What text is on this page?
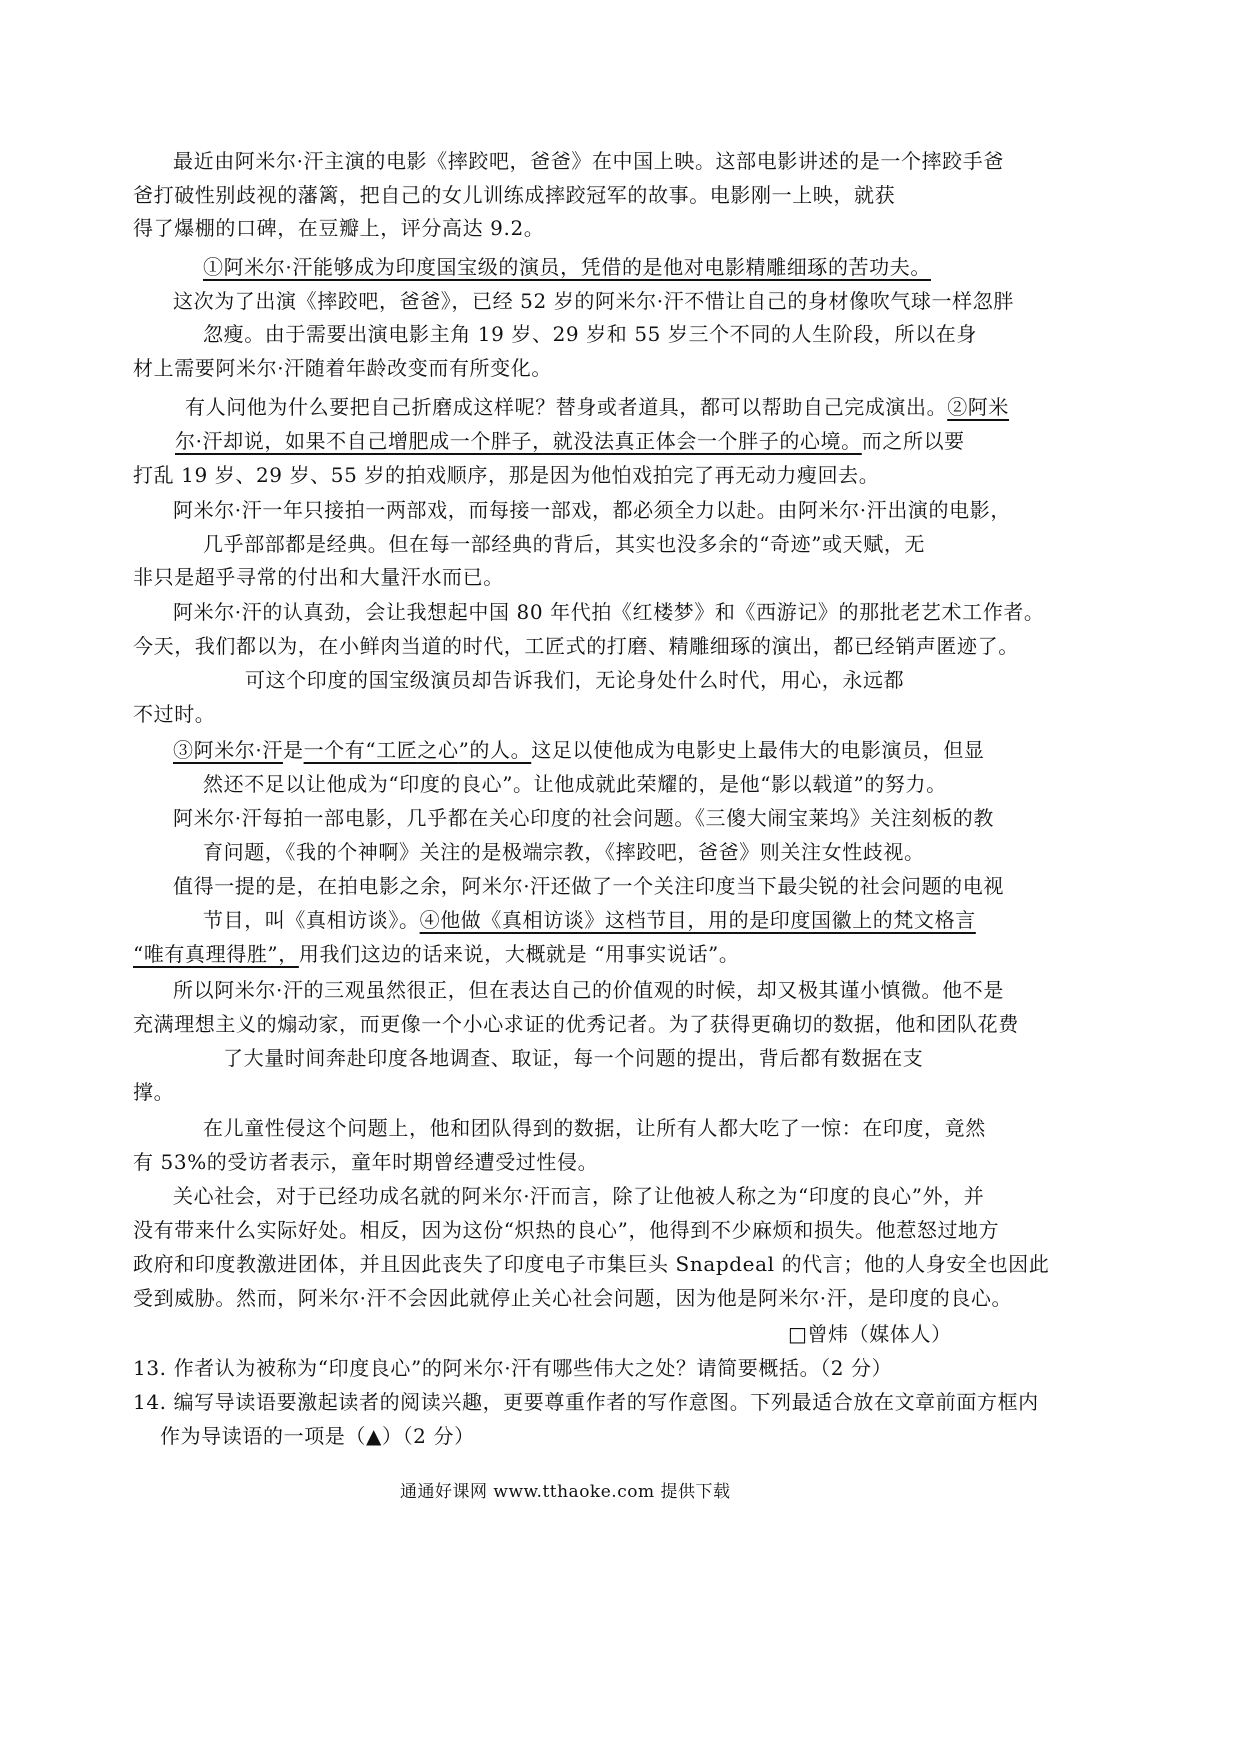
最近由阿米尔·汗主演的电影《摔跤吧，爸爸》在中国上映。这部电影讲述的是一个摔跤手爸
爸打破性别歧视的藩篱，把自己的女儿训练成摔跤冠军的故事。电影刚一上映，就获
得了爆棚的口碑，在豆瓣上，评分高达 9.2。
①阿米尔·汗能够成为印度国宝级的演员，凭借的是他对电影精雕细琢的苦功夫。
这次为了出演《摔跤吧，爸爸》，已经 52 岁的阿米尔·汗不惜让自己的身材像吹气球一样忽胖
忽瘦。由于需要出演电影主角 19 岁、29 岁和 55 岁三个不同的人生阶段，所以在身
材上需要阿米尔·汗随着年龄改变而有所变化。
有人问他为什么要把自己折磨成这样呢？替身或者道具，都可以帮助自己完成演出。②阿米
尔·汗却说，如果不自己增肥成一个胖子，就没法真正体会一个胖子的心境。而之所以要
打乱 19 岁、29 岁、55 岁的拍戏顺序，那是因为他怕戏拍完了再无动力瘦回去。
阿米尔·汗一年只接拍一两部戏，而每接一部戏，都必须全力以赴。由阿米尔·汗出演的电影，
几乎部部都是经典。但在每一部经典的背后，其实也没多余的“奇迹”或天赋，无
非只是超乎寻常的付出和大量汗水而已。
阿米尔·汗的认真劲，会让我想起中国 80 年代拍《红楼梦》和《西游记》的那批老艺术工作者。
今天，我们都以为，在小鲜肉当道的时代，工匠式的打磨、精雕细琢的演出，都已经销声匿迹了。
可这个印度的国宝级演员却告诉我们，无论身处什么时代，用心，永远都
不过时。
③阿米尔·汗是一个有“工匠之心”的人。这足以使他成为电影史上最伟大的电影演员，但显
然还不足以让他成为“印度的良心”。让他成就此荣耀的，是他“影以载道”的努力。
阿米尔·汗每拍一部电影，几乎都在关心印度的社会问题。《三傻大闹宝莱坞》关注刻板的教
育问题，《我的个神啊》关注的是极端宗教，《摔跤吧，爸爸》则关注女性歧视。
值得一提的是，在拍电影之余，阿米尔·汗还做了一个关注印度当下最尖锐的社会问题的电视
节目，叫《真相访谈》。④他做《真相访谈》这档节目，用的是印度国徽上的梵文格言
“唯有真理得胜”，用我们这边的话来说，大概就是 “用事实说话”。
所以阿米尔·汗的三观虽然很正，但在表达自己的价值观的时候，却又极其谨小慎微。他不是
充满理想主义的煽动家，而更像一个小心求证的优秀记者。为了获得更确切的数据，他和团队花费
了大量时间奔赴印度各地调查、取证，每一个问题的提出，背后都有数据在支
撑。
在儿童性侵这个问题上，他和团队得到的数据，让所有人都大吃了一惊：在印度，竟然
有 53%的受访者表示，童年时期曾经遭受过性侵。
关心社会，对于已经功成名就的阿米尔·汗而言，除了让他被人称之为“印度的良心”外，并
没有带来什么实际好处。相反，因为这份“炽热的良心”，他得到不少麻烦和损失。他惹怒过地方
政府和印度教激进团体，并且因此丧失了印度电子市集巨头 Snapdeal 的代言；他的人身安全也因此
受到威胁。然而，阿米尔·汗不会因此就停止关心社会问题，因为他是阿米尔·汗，是印度的良心。
□曾炜（媒体人）
13. 作者认为被称为“印度良心”的阿米尔·汗有哪些伟大之处？请简要概括。（2 分）
14. 编写导读语要激起读者的阅读兴趣，更要尊重作者的写作意图。下列最适合放在文章前面方框内
作为导读语的一项是（▲）（2 分）
通通好课网 www.tthaoke.com 提供下载
